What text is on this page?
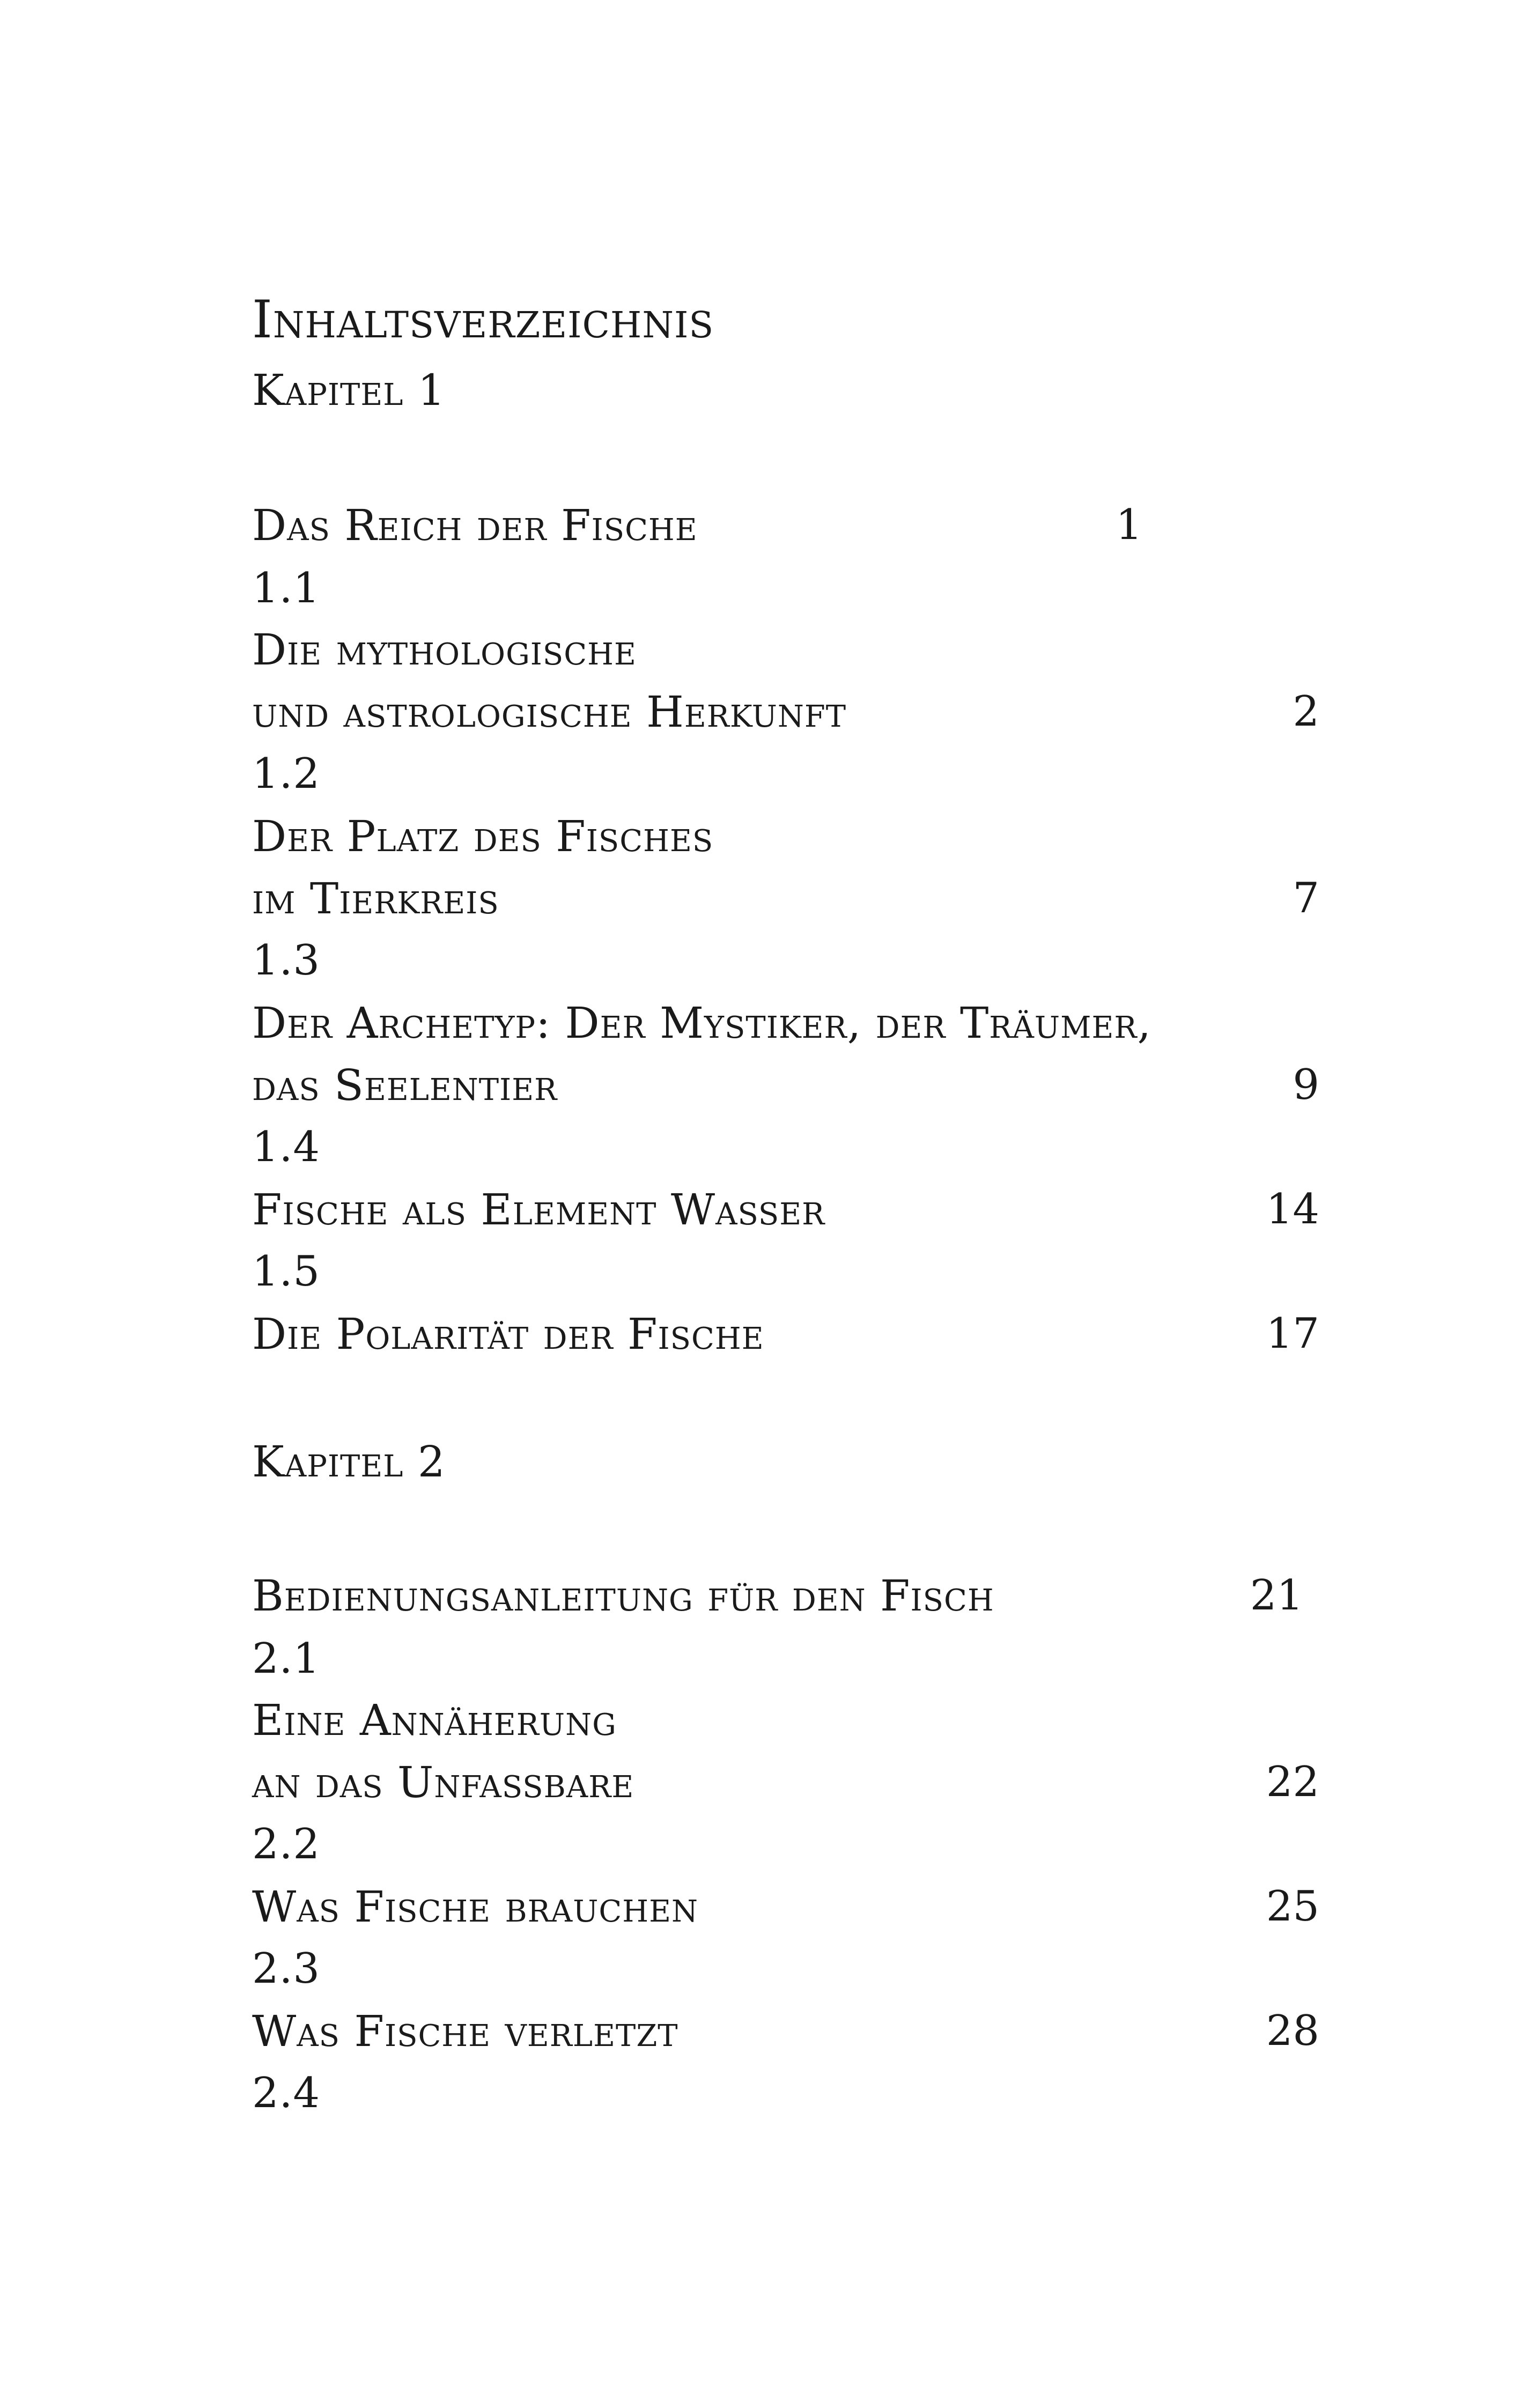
Inhaltsverzeichnis
Kapitel 1
Das Reich der Fische	1
1.1
Die mythologische
und astrologische Herkunft	2
1.2
Der Platz des Fisches
im Tierkreis	7
1.3
Der Archetyp: Der Mystiker, der Träumer,
das Seelentier	9
1.4
Fische als Element Wasser	14
1.5
Die Polarität der Fische	17
Kapitel 2
Bedienungsanleitung für den Fisch	21
2.1
Eine Annäherung
an das Unfassbare	22
2.2
Was Fische brauchen	25
2.3
Was Fische verletzt	28
2.4
